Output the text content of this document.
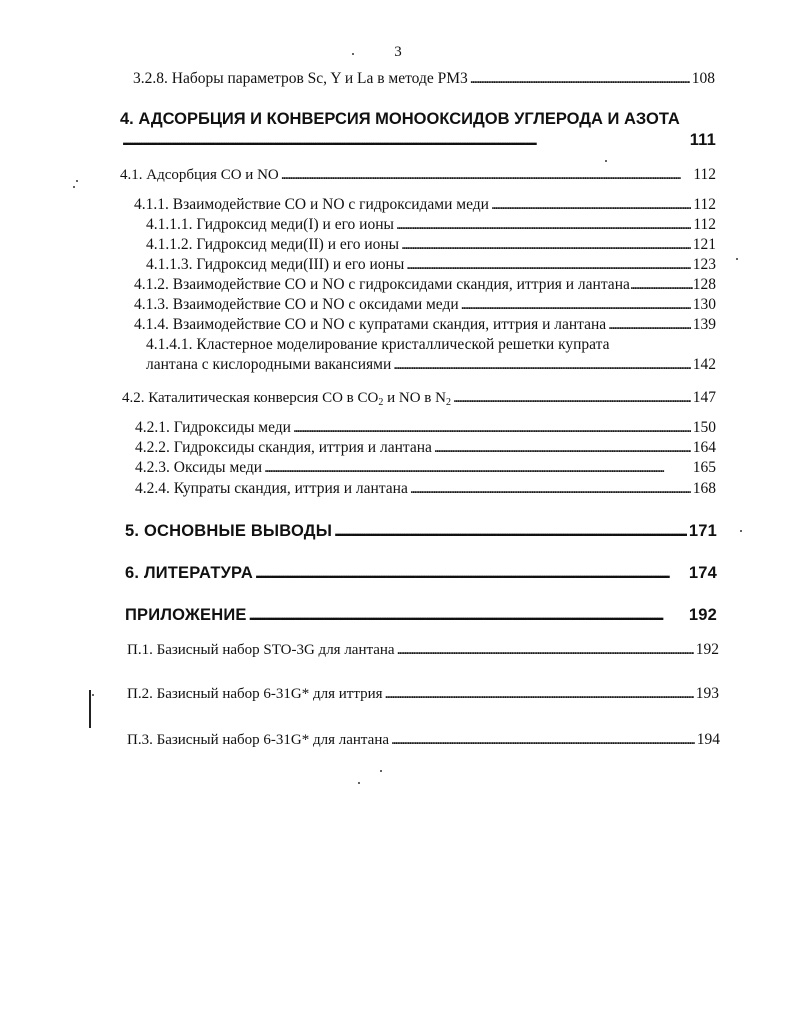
3
3.2.8. Наборы параметров Sc, Y и La в методе PM3 . . .	108
4. АДСОРБЦИЯ И КОНВЕРСИЯ МОНООКСИДОВ УГЛЕРОДА И АЗОТА
. . .
111
4.1. Адсорбция CO и NO . . .	112
4.1.1. Взаимодействие CO и NO с гидроксидами меди . . .	112
4.1.1.1. Гидроксид меди(I) и его ионы . . .	112
4.1.1.2. Гидроксид меди(II) и его ионы . . .	121
4.1.1.3. Гидроксид меди(III) и его ионы . . .	123
4.1.2. Взаимодействие CO и NO с гидроксидами скандия, иттрия и лантана . . .	128
4.1.3. Взаимодействие CO и NO с оксидами меди . . .	130
4.1.4. Взаимодействие CO и NO с купратами скандия, иттрия и лантана . . .	139
4.1.4.1. Кластерное моделирование кристаллической решетки купрата
лантана с кислородными вакансиями . . .	142
4.2. Каталитическая конверсия CO в $CO_2$ и NO в $N_2$ . . .	147
4.2.1. Гидроксиды меди . . .	150
4.2.2. Гидроксиды скандия, иттрия и лантана . . .	164
4.2.3. Оксиды меди . . .	165
4.2.4. Купраты скандия, иттрия и лантана . . .	168
5. ОСНОВНЫЕ ВЫВОДЫ . . .	171
6. ЛИТЕРАТУРА . . .	174
ПРИЛОЖЕНИЕ . . .	192
П.1. Базисный набор STO-3G для лантана . . .	192
П.2. Базисный набор 6-31G* для иттрия . . .	193
П.3. Базисный набор 6-31G* для лантана . . .	194
